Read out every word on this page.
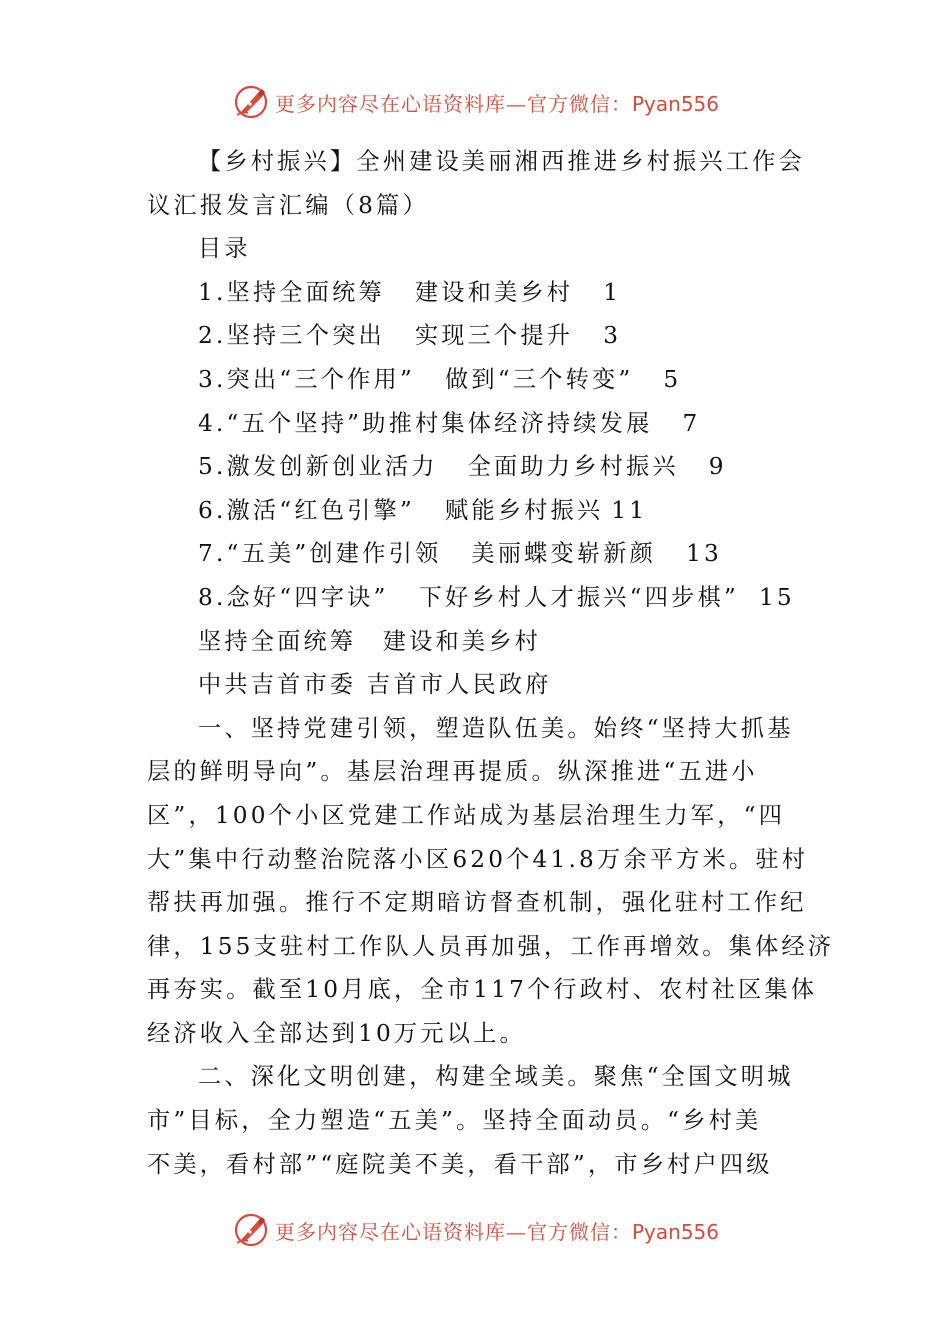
更多内容尽在心语资料库—官方微信：Pyan556
【乡村振兴】全州建设美丽湘西推进乡村振兴工作会
议汇报发言汇编（8篇）
目录
1.坚持全面统筹 建设和美乡村 1
2.坚持三个突出 实现三个提升 3
3.突出“三个作用” 做到“三个转变” 5
4.“五个坚持”助推村集体经济持续发展 7
5.激发创新创业活力 全面助力乡村振兴 9
6.激活“红色引擎” 赋能乡村振兴 11
7.“五美”创建作引领 美丽蝶变崭新颜 13
8.念好“四字诀” 下好乡村人才振兴“四步棋” 15
坚持全面统筹　建设和美乡村
中共吉首市委 吉首市人民政府
一、坚持党建引领，塑造队伍美。始终“坚持大抓基
层的鲜明导向”。基层治理再提质。纵深推进“五进小
区”，100个小区党建工作站成为基层治理生力军，“四
大”集中行动整治院落小区620个41.8万余平方米。驻村
帮扶再加强。推行不定期暗访督查机制，强化驻村工作纪
律，155支驻村工作队人员再加强，工作再增效。集体经济
再夯实。截至10月底，全市117个行政村、农村社区集体
经济收入全部达到10万元以上。
二、深化文明创建，构建全域美。聚焦“全国文明城
市”目标，全力塑造“五美”。坚持全面动员。“乡村美
不美，看村部”“庭院美不美，看干部”，市乡村户四级
更多内容尽在心语资料库—官方微信：Pyan556
